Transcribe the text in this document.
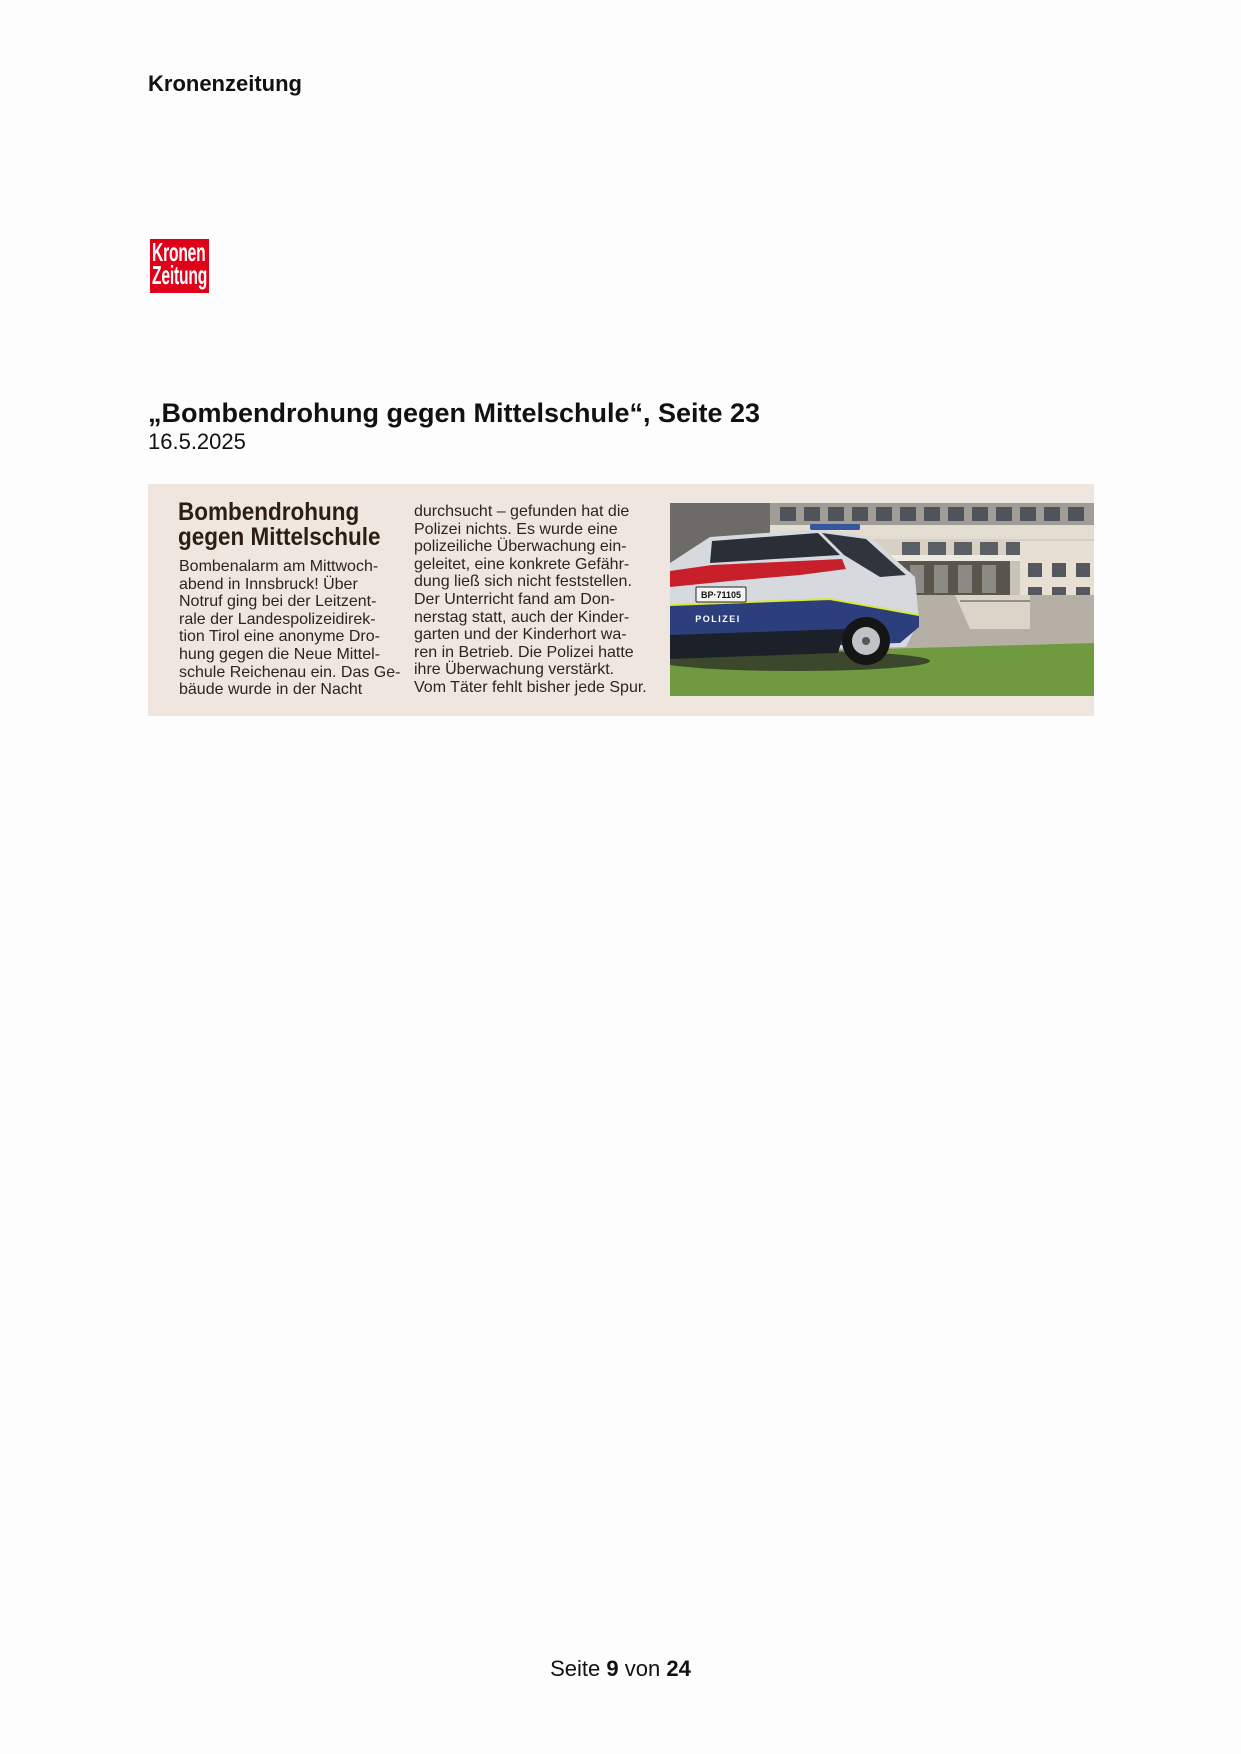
Kronenzeitung
Kronen
Zeitung
„Bombendrohung gegen Mittelschule“, Seite 23
16.5.2025
Bombendrohung
gegen Mittelschule
Bombenalarm am Mittwoch-
abend in Innsbruck! Über
Notruf ging bei der Leitzent-
rale der Landespolizeidirek-
tion Tirol eine anonyme Dro-
hung gegen die Neue Mittel-
schule Reichenau ein. Das Ge-
bäude wurde in der Nacht
durchsucht – gefunden hat die
Polizei nichts. Es wurde eine
polizeiliche Überwachung ein-
geleitet, eine konkrete Gefähr-
dung ließ sich nicht feststellen.
Der Unterricht fand am Don-
nerstag statt, auch der Kinder-
garten und der Kinderhort wa-
ren in Betrieb. Die Polizei hatte
ihre Überwachung verstärkt.
Vom Täter fehlt bisher jede Spur.
BP·71105
POLIZEI
Seite 9 von 24
